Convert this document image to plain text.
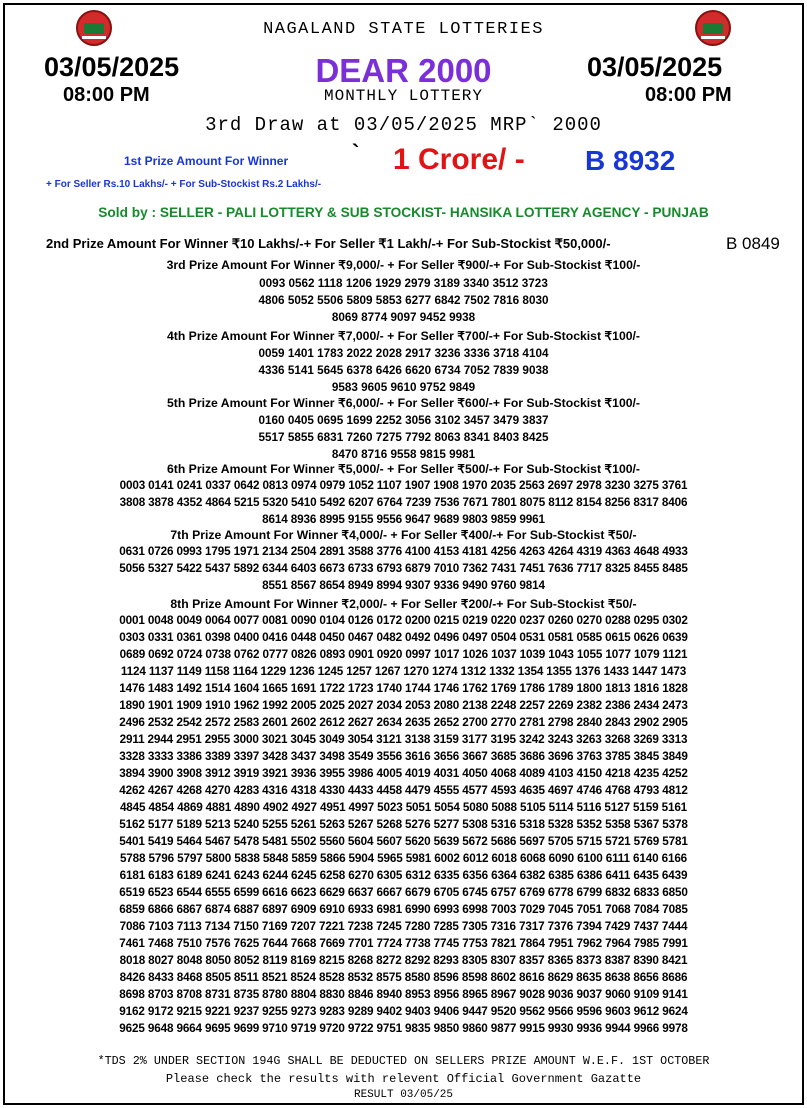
NAGALAND STATE LOTTERIES
03/05/2025
08:00 PM
03/05/2025
08:00 PM
DEAR 2000
MONTHLY LOTTERY
3rd Draw at 03/05/2025 MRP` 2000
1st Prize Amount For Winner	` 1 Crore/ - B 8932
+ For Seller Rs.10 Lakhs/- + For Sub-Stockist Rs.2 Lakhs/-
Sold by : SELLER - PALI LOTTERY & SUB STOCKIST- HANSIKA LOTTERY AGENCY - PUNJAB
2nd Prize Amount For Winner ₹10 Lakhs/-+ For Seller ₹1 Lakh/-+ For Sub-Stockist ₹50,000/-	B 0849
3rd Prize Amount For Winner ₹9,000/- + For Seller ₹900/-+ For Sub-Stockist ₹100/-
0093 0562 1118 1206 1929 2979 3189 3340 3512 3723
4806 5052 5506 5809 5853 6277 6842 7502 7816 8030
8069 8774 9097 9452 9938
4th Prize Amount For Winner ₹7,000/- + For Seller ₹700/-+ For Sub-Stockist ₹100/-
0059 1401 1783 2022 2028 2917 3236 3336 3718 4104
4336 5141 5645 6378 6426 6620 6734 7052 7839 9038
9583 9605 9610 9752 9849
5th Prize Amount For Winner ₹6,000/- + For Seller ₹600/-+ For Sub-Stockist ₹100/-
0160 0405 0695 1699 2252 3056 3102 3457 3479 3837
5517 5855 6831 7260 7275 7792 8063 8341 8403 8425
8470 8716 9558 9815 9981
6th Prize Amount For Winner ₹5,000/- + For Seller ₹500/-+ For Sub-Stockist ₹100/-
0003 0141 0241 0337 0642 0813 0974 0979 1052 1107 1907 1908 1970 2035 2563 2697 2978 3230 3275 3761
3808 3878 4352 4864 5215 5320 5410 5492 6207 6764 7239 7536 7671 7801 8075 8112 8154 8256 8317 8406
8614 8936 8995 9155 9556 9647 9689 9803 9859 9961
7th Prize Amount For Winner ₹4,000/- + For Seller ₹400/-+ For Sub-Stockist ₹50/-
0631 0726 0993 1795 1971 2134 2504 2891 3588 3776 4100 4153 4181 4256 4263 4264 4319 4363 4648 4933
5056 5327 5422 5437 5892 6344 6403 6673 6733 6793 6879 7010 7362 7431 7451 7636 7717 8325 8455 8485
8551 8567 8654 8949 8994 9307 9336 9490 9760 9814
8th Prize Amount For Winner ₹2,000/- + For Seller ₹200/-+ For Sub-Stockist ₹50/-
0001 0048 0049 0064 0077 0081 0090 0104 0126 0172 0200 0215 0219 0220 0237 0260 0270 0288 0295 0302
0303 0331 0361 0398 0400 0416 0448 0450 0467 0482 0492 0496 0497 0504 0531 0581 0585 0615 0626 0639
0689 0692 0724 0738 0762 0777 0826 0893 0901 0920 0997 1017 1026 1037 1039 1043 1055 1077 1079 1121
1124 1137 1149 1158 1164 1229 1236 1245 1257 1267 1270 1274 1312 1332 1354 1355 1376 1433 1447 1473
1476 1483 1492 1514 1604 1665 1691 1722 1723 1740 1744 1746 1762 1769 1786 1789 1800 1813 1816 1828
1890 1901 1909 1910 1962 1992 2005 2025 2027 2034 2053 2080 2138 2248 2257 2269 2382 2386 2434 2473
2496 2532 2542 2572 2583 2601 2602 2612 2627 2634 2635 2652 2700 2770 2781 2798 2840 2843 2902 2905
2911 2944 2951 2955 3000 3021 3045 3049 3054 3121 3138 3159 3177 3195 3242 3243 3263 3268 3269 3313
3328 3333 3386 3389 3397 3428 3437 3498 3549 3556 3616 3656 3667 3685 3686 3696 3763 3785 3845 3849
3894 3900 3908 3912 3919 3921 3936 3955 3986 4005 4019 4031 4050 4068 4089 4103 4150 4218 4235 4252
4262 4267 4268 4270 4283 4316 4318 4330 4433 4458 4479 4555 4577 4593 4635 4697 4746 4768 4793 4812
4845 4854 4869 4881 4890 4902 4927 4951 4997 5023 5051 5054 5080 5088 5105 5114 5116 5127 5159 5161
5162 5177 5189 5213 5240 5255 5261 5263 5267 5268 5276 5277 5308 5316 5318 5328 5352 5358 5367 5378
5401 5419 5464 5467 5478 5481 5502 5560 5604 5607 5620 5639 5672 5686 5697 5705 5715 5721 5769 5781
5788 5796 5797 5800 5838 5848 5859 5866 5904 5965 5981 6002 6012 6018 6068 6090 6100 6111 6140 6166
6181 6183 6189 6241 6243 6244 6245 6258 6270 6305 6312 6335 6356 6364 6382 6385 6386 6411 6435 6439
6519 6523 6544 6555 6599 6616 6623 6629 6637 6667 6679 6705 6745 6757 6769 6778 6799 6832 6833 6850
6859 6866 6867 6874 6887 6897 6909 6910 6933 6981 6990 6993 6998 7003 7029 7045 7051 7068 7084 7085
7086 7103 7113 7134 7150 7169 7207 7221 7238 7245 7280 7285 7305 7316 7317 7376 7394 7429 7437 7444
7461 7468 7510 7576 7625 7644 7668 7669 7701 7724 7738 7745 7753 7821 7864 7951 7962 7964 7985 7991
8018 8027 8048 8050 8052 8119 8169 8215 8268 8272 8292 8293 8305 8307 8357 8365 8373 8387 8390 8421
8426 8433 8468 8505 8511 8521 8524 8528 8532 8575 8580 8596 8598 8602 8616 8629 8635 8638 8656 8686
8698 8703 8708 8731 8735 8780 8804 8830 8846 8940 8953 8956 8965 8967 9028 9036 9037 9060 9109 9141
9162 9172 9215 9221 9237 9255 9273 9283 9289 9402 9403 9406 9447 9520 9562 9566 9596 9603 9612 9624
9625 9648 9664 9695 9699 9710 9719 9720 9722 9751 9835 9850 9860 9877 9915 9930 9936 9944 9966 9978
*TDS 2% UNDER SECTION 194G SHALL BE DEDUCTED ON SELLERS PRIZE AMOUNT W.E.F. 1ST OCTOBER
Please check the results with relevent Official Government Gazatte
RESULT 03/05/25
